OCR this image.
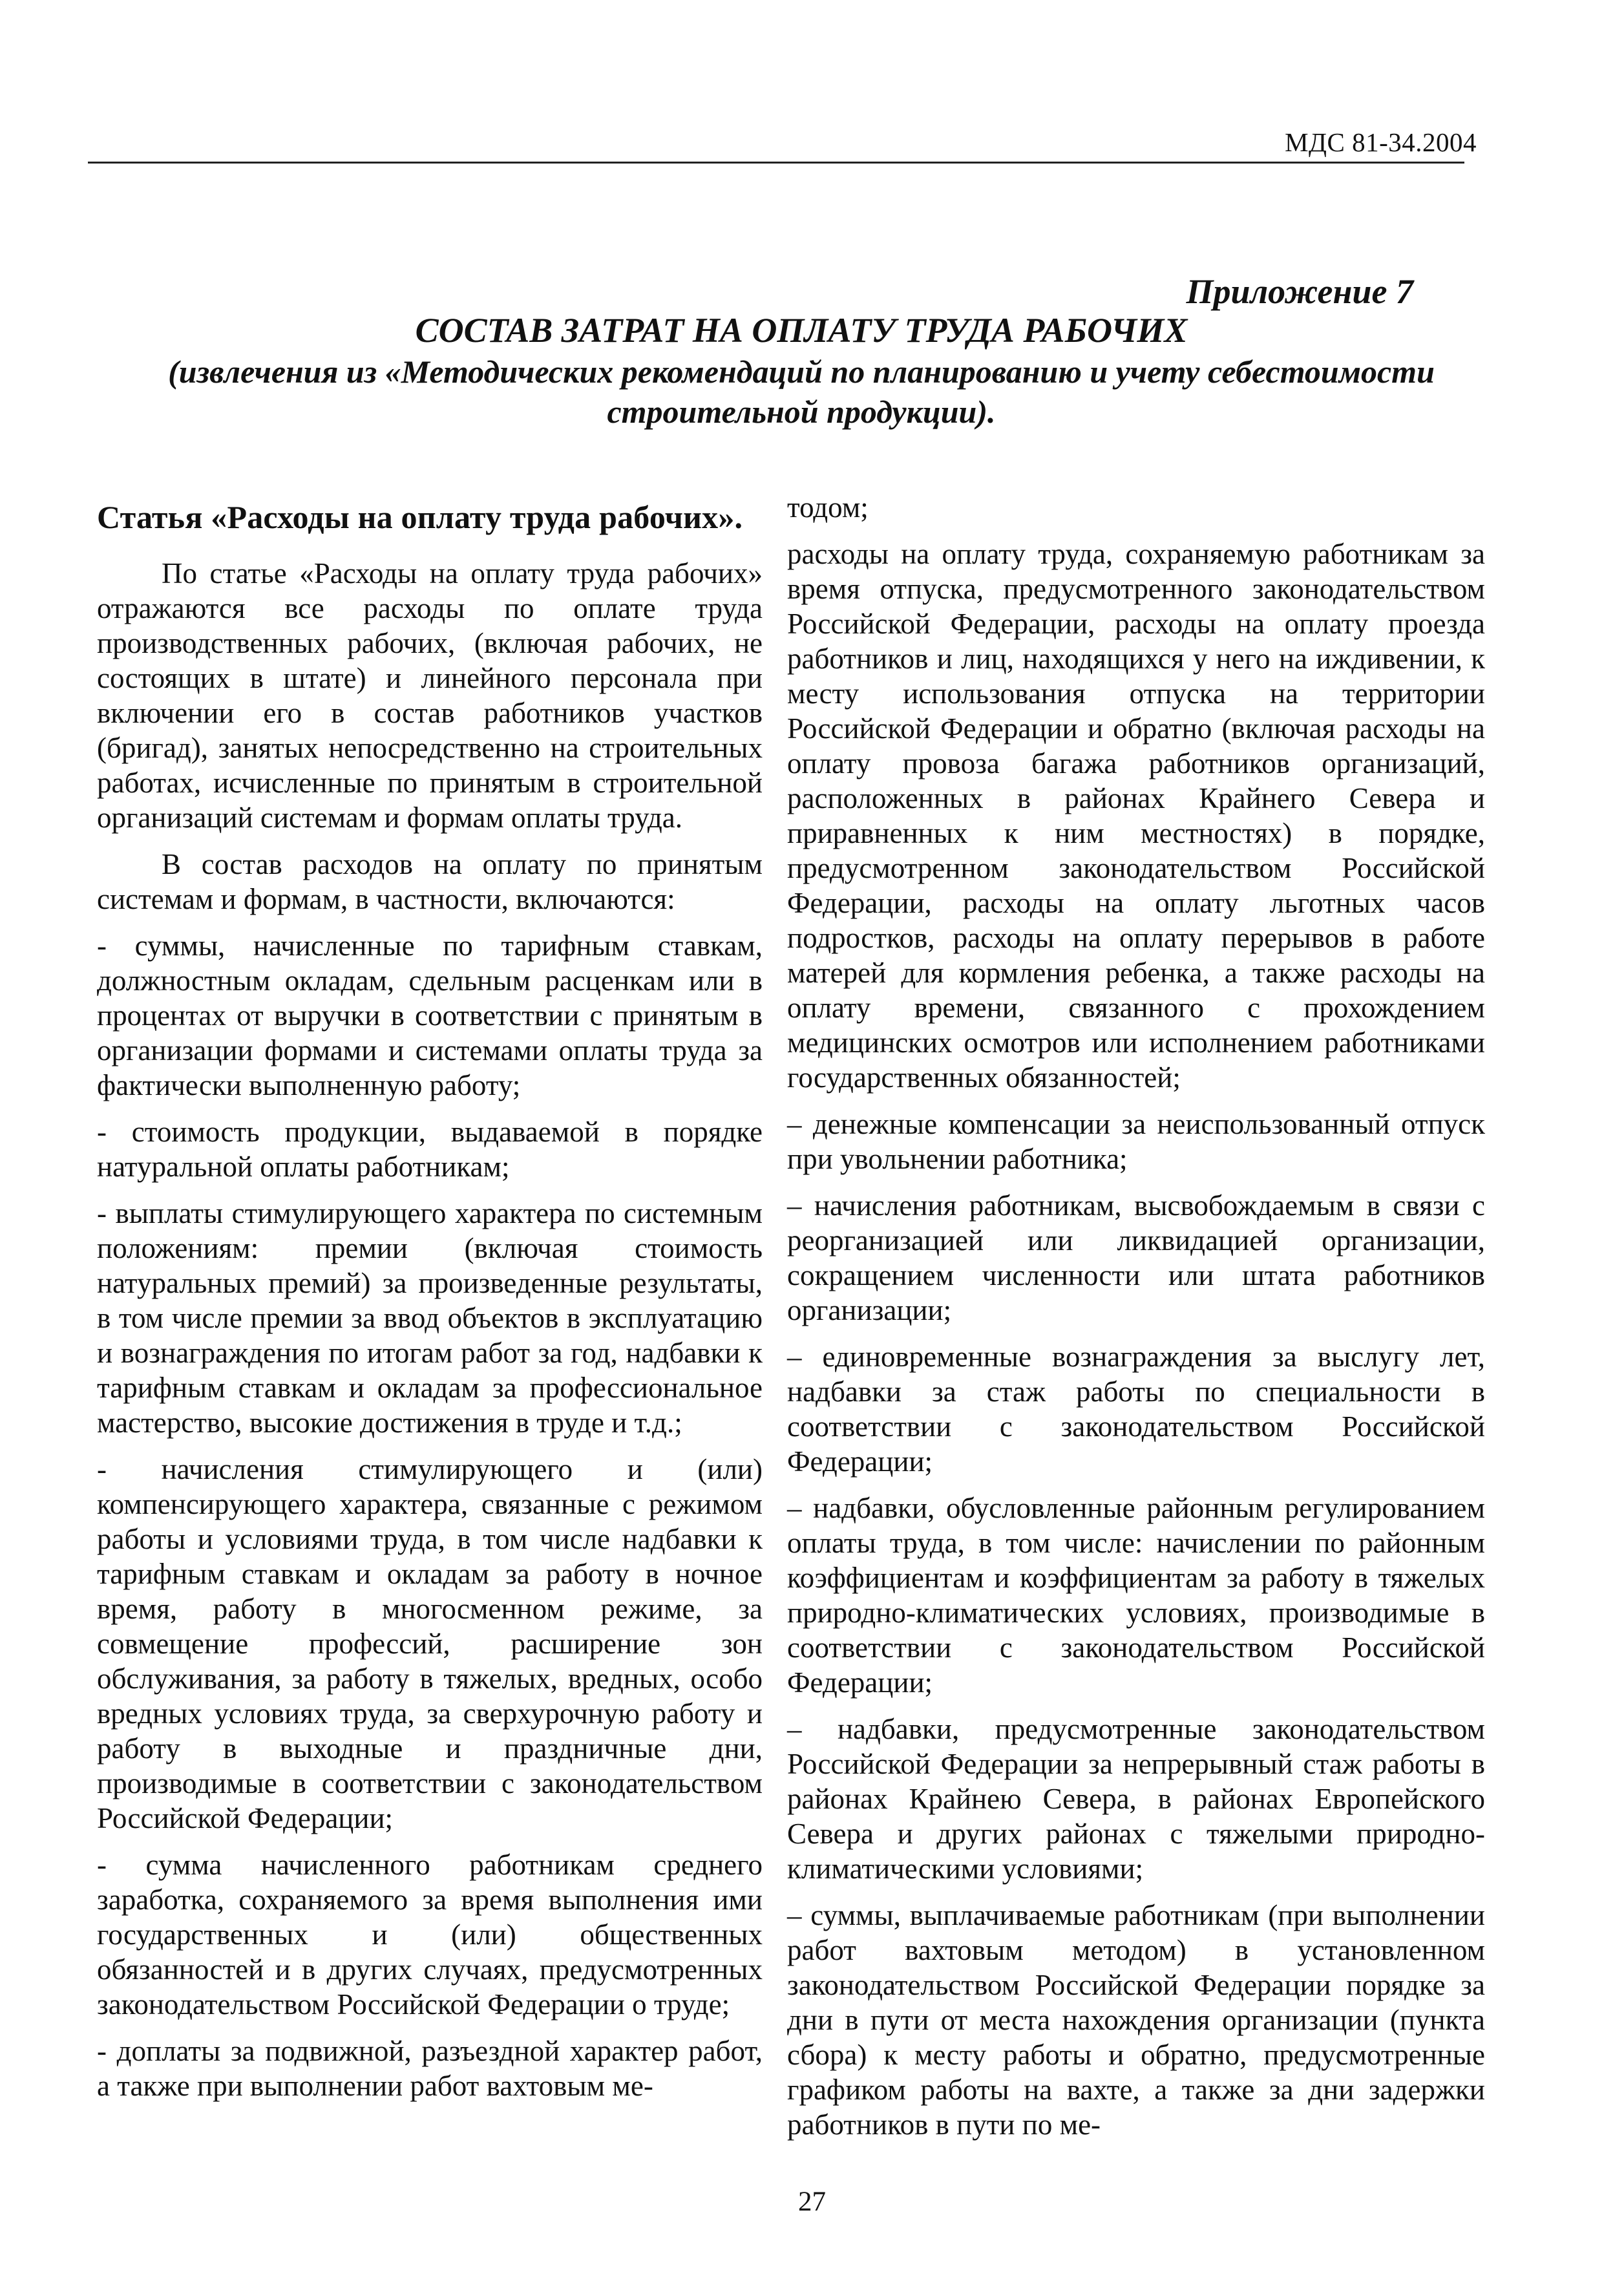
МДС 81-34.2004
Приложение 7
СОСТАВ ЗАТРАТ НА ОПЛАТУ ТРУДА РАБОЧИХ
(извлечения из «Методических рекомендаций по планированию и учету себестоимости строительной продукции).
Статья «Расходы на оплату труда рабочих».

По статье «Расходы на оплату труда рабочих» отражаются все расходы по оплате труда производственных рабочих, (включая рабочих, не состоящих в штате) и линейного персонала при включении его в состав работников участков (бригад), занятых непосредственно на строительных работах, исчисленные по принятым в строительной организаций системам и формам оплаты труда.

В состав расходов на оплату по принятым системам и формам, в частности, включаются:

- суммы, начисленные по тарифным ставкам, должностным окладам, сдельным расценкам или в процентах от выручки в соответствии с принятым в организации формами и системами оплаты труда за фактически выполненную работу;

- стоимость продукции, выдаваемой в порядке натуральной оплаты работникам;

- выплаты стимулирующего характера по системным положениям: премии (включая стоимость натуральных премий) за произведенные результаты, в том числе премии за ввод объектов в эксплуатацию и вознаграждения по итогам работ за год, надбавки к тарифным ставкам и окладам за профессиональное мастерство, высокие достижения в труде и т.д.;

- начисления стимулирующего и (или) компенсирующего характера, связанные с режимом работы и условиями труда, в том числе надбавки к тарифным ставкам и окладам за работу в ночное время, работу в многосменном режиме, за совмещение профессий, расширение зон обслуживания, за работу в тяжелых, вредных, особо вредных условиях труда, за сверхурочную работу и работу в выходные и праздничные дни, производимые в соответствии с законодательством Российской Федерации;

- сумма начисленного работникам среднего заработка, сохраняемого за время выполнения ими государственных и (или) общественных обязанностей и в других случаях, предусмотренных законодательством Российской Федерации о труде;

- доплаты за подвижной, разъездной характер работ, а также при выполнении работ вахтовым ме-

тодом;

расходы на оплату труда, сохраняемую работникам за время отпуска, предусмотренного законодательством Российской Федерации, расходы на оплату проезда работников и лиц, находящихся у него на иждивении, к месту использования отпуска на территории Российской Федерации и обратно (включая расходы на оплату провоза багажа работников организаций, расположенных в районах Крайнего Севера и приравненных к ним местностях) в порядке, предусмотренном законодательством Российской Федерации, расходы на оплату льготных часов подростков, расходы на оплату перерывов в работе матерей для кормления ребенка, а также расходы на оплату времени, связанного с прохождением медицинских осмотров или исполнением работниками государственных обязанностей;

– денежные компенсации за неиспользованный отпуск при увольнении работника;

– начисления работникам, высвобождаемым в связи с реорганизацией или ликвидацией организации, сокращением численности или штата работников организации;

– единовременные вознаграждения за выслугу лет, надбавки за стаж работы по специальности в соответствии с законодательством Российской Федерации;

– надбавки, обусловленные районным регулированием оплаты труда, в том числе: начислении по районным коэффициентам и коэффициентам за работу в тяжелых природно-климатических условиях, производимые в соответствии с законодательством Российской Федерации;

– надбавки, предусмотренные законодательством Российской Федерации за непрерывный стаж работы в районах Крайнею Севера, в районах Европейского Севера и других районах с тяжелыми природно-климатическими условиями;

– суммы, выплачиваемые работникам (при выполнении работ вахтовым методом) в установленном законодательством Российской Федерации порядке за дни в пути от места нахождения организации (пункта сбора) к месту работы и обратно, предусмотренные графиком работы на вахте, а также за дни задержки работников в пути по ме-

27
